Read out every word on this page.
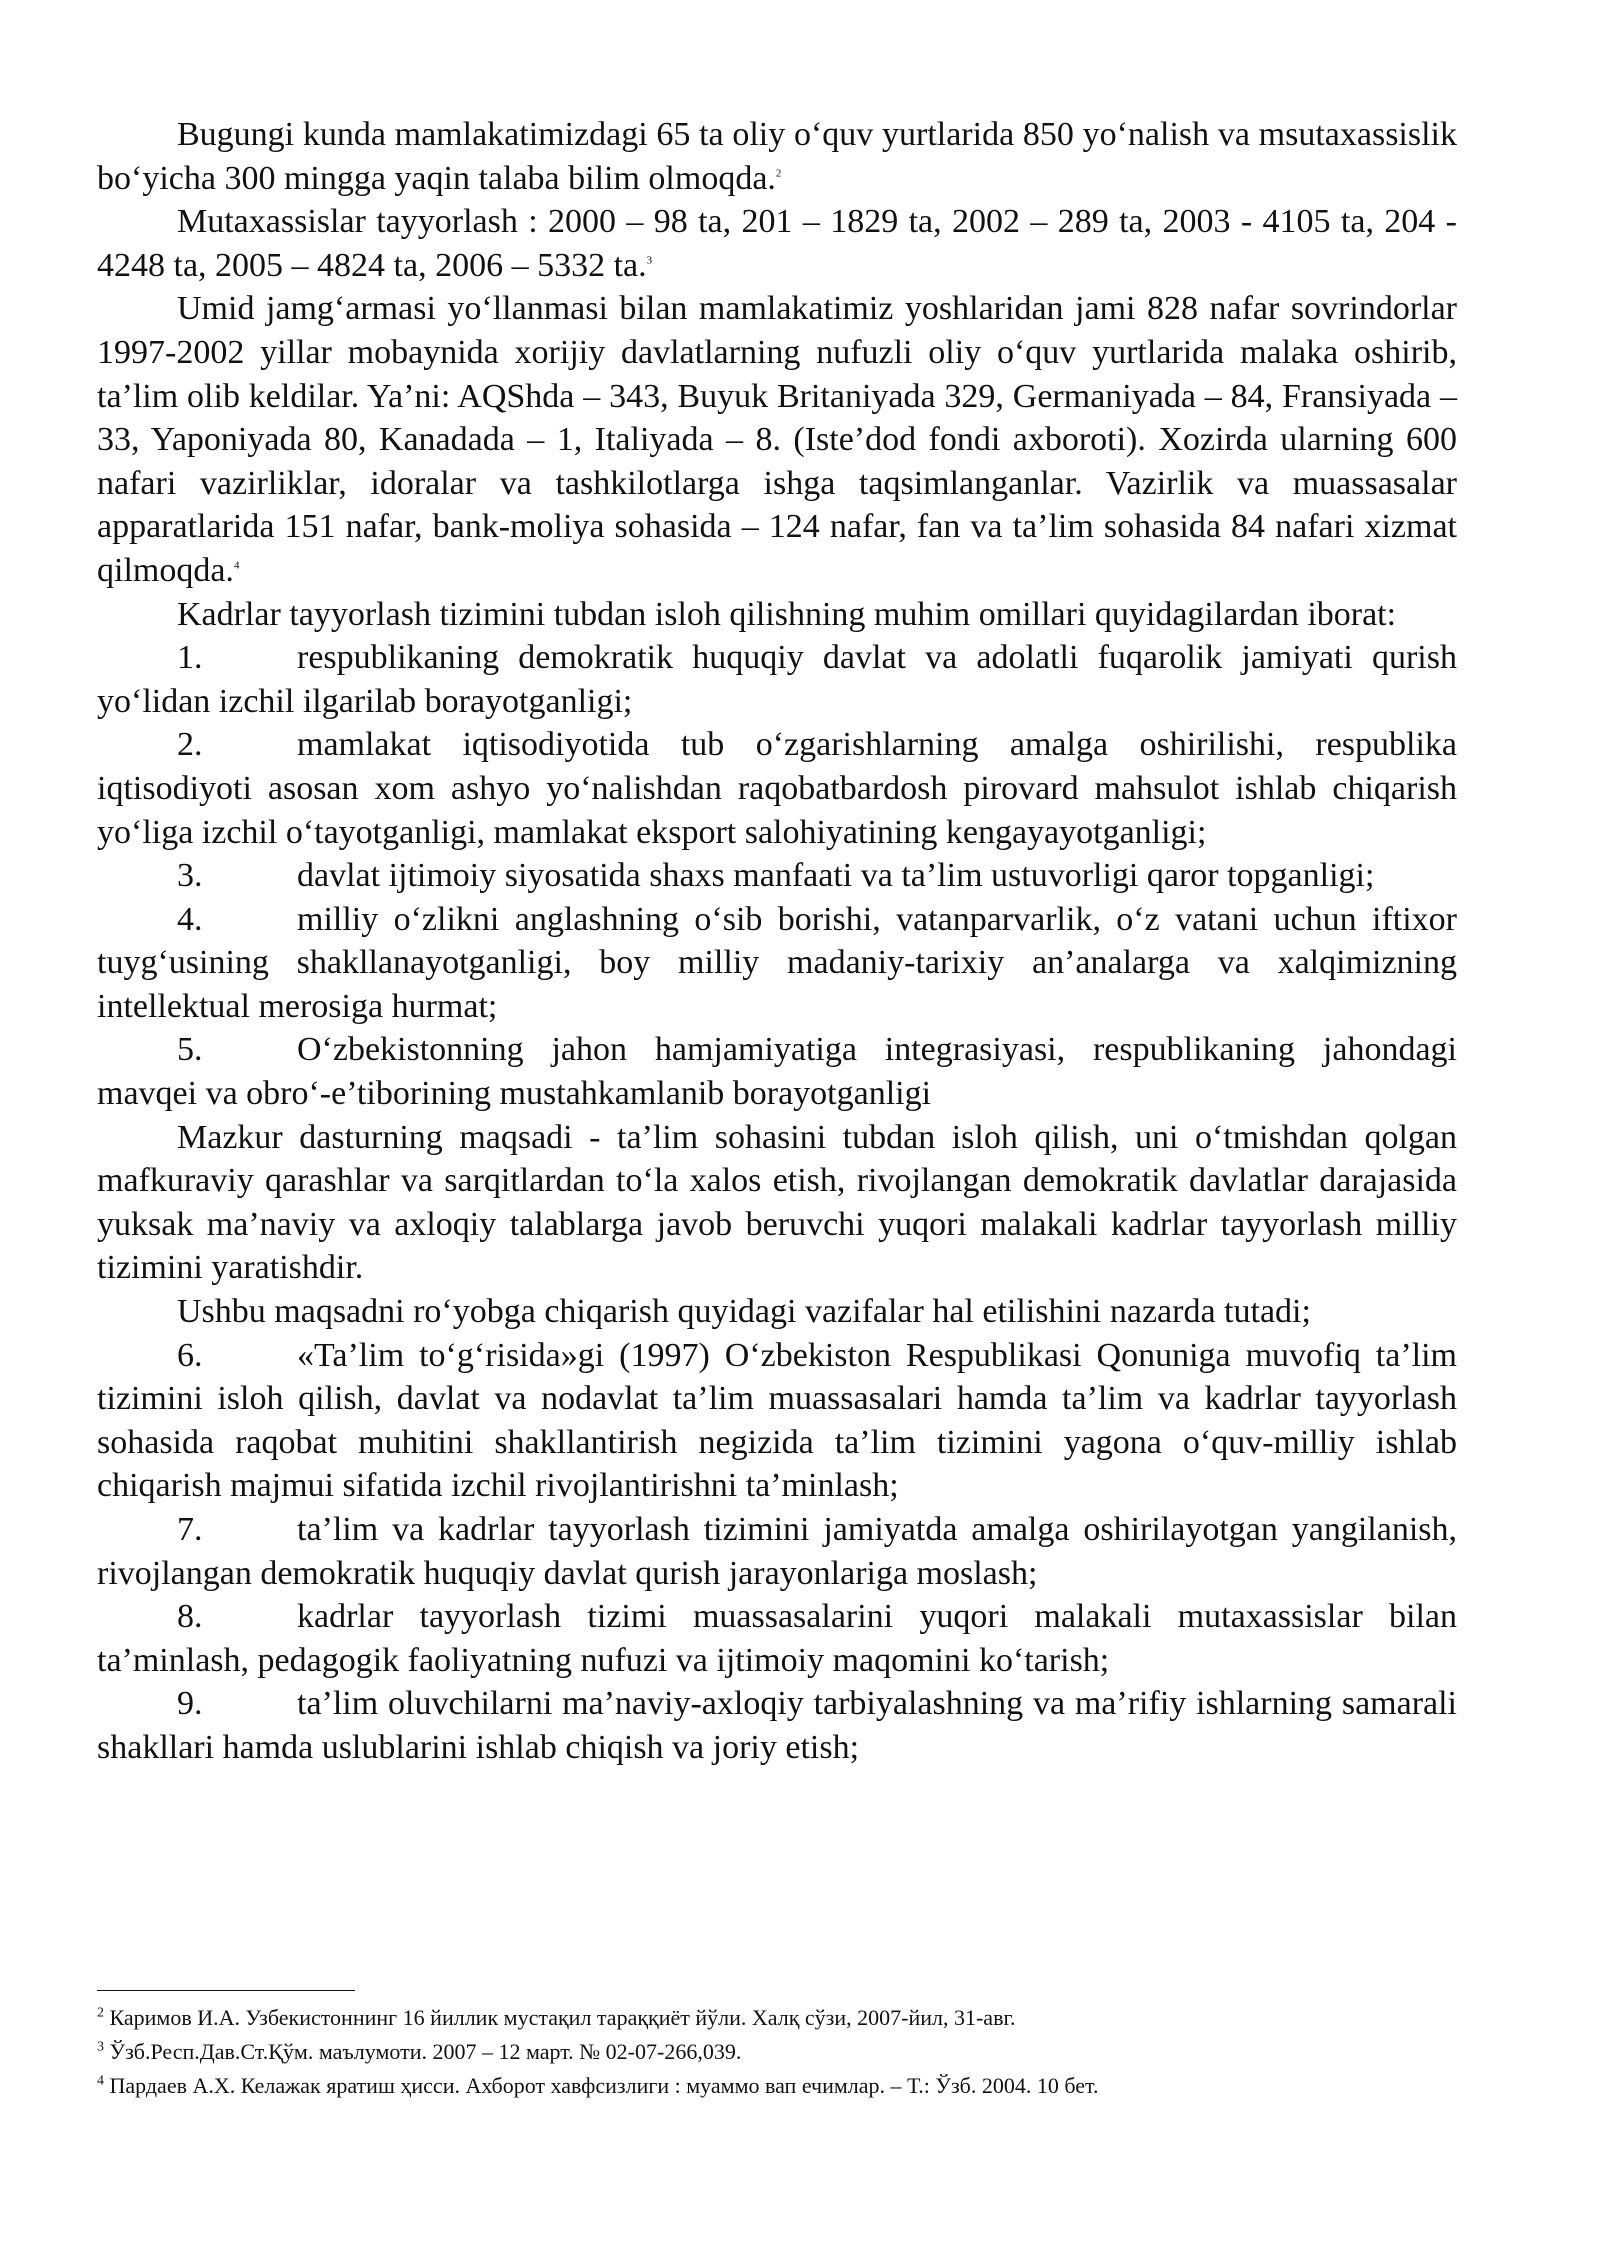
Bugungi kunda mamlakatimizdagi 65 ta oliy o‘quv yurtlarida 850 yo‘nalish va msutaxassislik bo‘yicha 300 mingga yaqin talaba bilim olmoqda.$^2$

Mutaxassislar tayyorlash : 2000 – 98 ta, 201 – 1829 ta, 2002 – 289 ta, 2003 - 4105 ta, 204 - 4248 ta, 2005 – 4824 ta, 2006 – 5332 ta.$^3$

Umid jamg‘armasi yo‘llanmasi bilan mamlakatimiz yoshlaridan jami 828 nafar sovrindorlar 1997-2002 yillar mobaynida xorijiy davlatlarning nufuzli oliy o‘quv yurtlarida malaka oshirib, ta’lim olib keldilar. Ya’ni: AQShda – 343, Buyuk Britaniyada 329, Germaniyada – 84, Fransiyada – 33, Yaponiyada 80, Kanadada – 1, Italiyada – 8. (Iste’dod fondi axboroti). Xozirda ularning 600 nafari vazirliklar, idoralar va tashkilotlarga ishga taqsimlanganlar. Vazirlik va muassasalar apparatlarida 151 nafar, bank-moliya sohasida – 124 nafar, fan va ta’lim sohasida 84 nafari xizmat qilmoqda.$^4$

Kadrlar tayyorlash tizimini tubdan isloh qilishning muhim omillari quyidagilardan iborat:

1.	respublikaning demokratik huquqiy davlat va adolatli fuqarolik jamiyati qurish yo‘lidan izchil ilgarilab borayotganligi;

2.	mamlakat iqtisodiyotida tub o‘zgarishlarning amalga oshirilishi, respublika iqtisodiyoti asosan xom ashyo yo‘nalishdan raqobatbardosh pirovard mahsulot ishlab chiqarish yo‘liga izchil o‘tayotganligi, mamlakat eksport salohiyatining kengayayotganligi;

3.	davlat ijtimoiy siyosatida shaxs manfaati va ta’lim ustuvorligi qaror topganligi;

4.	milliy o‘zlikni anglashning o‘sib borishi, vatanparvarlik, o‘z vatani uchun iftixor tuyg‘usining shakllanayotganligi, boy milliy madaniy-tarixiy an’analarga va xalqimizning intellektual merosiga hurmat;

5.	O‘zbekistonning jahon hamjamiyatiga integrasiyasi, respublikaning jahondagi mavqei va obro‘-e’tiborining mustahkamlanib borayotganligi

Mazkur dasturning maqsadi - ta’lim sohasini tubdan isloh qilish, uni o‘tmishdan qolgan mafkuraviy qarashlar va sarqitlardan to‘la xalos etish, rivojlangan demokratik davlatlar darajasida yuksak ma’naviy va axloqiy talablarga javob beruvchi yuqori malakali kadrlar tayyorlash milliy tizimini yaratishdir.

Ushbu maqsadni ro‘yobga chiqarish quyidagi vazifalar hal etilishini nazarda tutadi;

6.	«Ta’lim to‘g‘risida»gi (1997) O‘zbekiston Respublikasi Qonuniga muvofiq ta’lim tizimini isloh qilish, davlat va nodavlat ta’lim muassasalari hamda ta’lim va kadrlar tayyorlash sohasida raqobat muhitini shakllantirish negizida ta’lim tizimini yagona o‘quv-milliy ishlab chiqarish majmui sifatida izchil rivojlantirishni ta’minlash;

7.	ta’lim va kadrlar tayyorlash tizimini jamiyatda amalga oshirilayotgan yangilanish, rivojlangan demokratik huquqiy davlat qurish jarayonlariga moslash;

8.	kadrlar tayyorlash tizimi muassasalarini yuqori malakali mutaxassislar bilan ta’minlash, pedagogik faoliyatning nufuzi va ijtimoiy maqomini ko‘tarish;

9.	ta’lim oluvchilarni ma’naviy-axloqiy tarbiyalashning va ma’rifiy ishlarning samarali shakllari hamda uslublarini ishlab chiqish va joriy etish;

$^2$ Каримов И.А. Узбекистоннинг 16 йиллик мустақил тараққиёт йўли. Халқ сўзи, 2007-йил, 31-авг.

$^3$ Ўзб.Респ.Дав.Ст.Қўм. маълумоти. 2007 – 12 март. № 02-07-266,039.

$^4$ Пардаев А.Х. Келажак яратиш ҳисси. Ахборот хавфсизлиги : муаммо вап ечимлар. – Т.: Ўзб. 2004. 10 бет.
